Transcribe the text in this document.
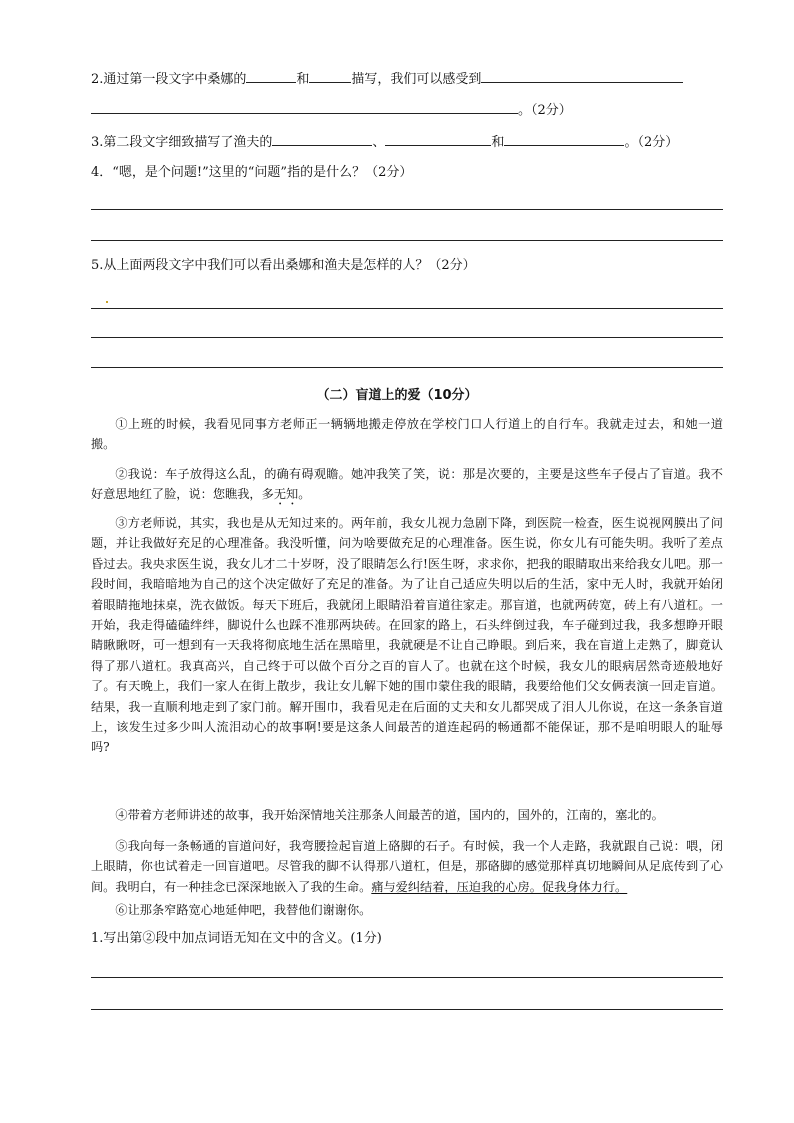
2.通过第一段文字中桑娜的	和	描写，我们可以感受到
。（2分）
3.第二段文字细致描写了渔夫的	、	和	。（2分）
4．“嗯，是个问题!”这里的“问题”指的是什么？（2分）
5.从上面两段文字中我们可以看出桑娜和渔夫是怎样的人？（2分）
（二）盲道上的爱（10分）
①上班的时候，我看见同事方老师正一辆辆地搬走停放在学校门口人行道上的自行车。我就走过去，和她一道搬。
②我说：车子放得这么乱，的确有碍观瞻。她冲我笑了笑，说：那是次要的，主要是这些车子侵占了盲道。我不好意思地红了脸，说：您瞧我，多无知。
③方老师说，其实，我也是从无知过来的。两年前，我女儿视力急剧下降，到医院一检查，医生说视网膜出了问题，并让我做好充足的心理准备。我没听懂，问为啥要做充足的心理准备。医生说，你女儿有可能失明。我听了差点昏过去。我央求医生说，我女儿才二十岁呀，没了眼睛怎么行!医生呀，求求你，把我的眼睛取出来给我女儿吧。那一段时间，我暗暗地为自己的这个决定做好了充足的准备。为了让自己适应失明以后的生活，家中无人时，我就开始闭着眼睛拖地抹桌，洗衣做饭。每天下班后，我就闭上眼睛沿着盲道往家走。那盲道，也就两砖宽，砖上有八道杠。一开始，我走得磕磕绊绊，脚说什么也踩不准那两块砖。在回家的路上，石头绊倒过我，车子碰到过我，我多想睁开眼睛瞅瞅呀，可一想到有一天我将彻底地生活在黑暗里，我就硬是不让自己睁眼。到后来，我在盲道上走熟了，脚竟认得了那八道杠。我真高兴，自己终于可以做个百分之百的盲人了。也就在这个时候，我女儿的眼病居然奇迹般地好了。有天晚上，我们一家人在街上散步，我让女儿解下她的围巾蒙住我的眼睛，我要给他们父女俩表演一回走盲道。结果，我一直顺利地走到了家门前。解开围巾，我看见走在后面的丈夫和女儿都哭成了泪人儿你说，在这一条条盲道上，该发生过多少叫人流泪动心的故事啊!要是这条人间最苦的道连起码的畅通都不能保证，那不是咱明眼人的耻辱吗?
④带着方老师讲述的故事，我开始深情地关注那条人间最苦的道，国内的，国外的，江南的，塞北的。
⑤我向每一条畅通的盲道问好，我弯腰捡起盲道上硌脚的石子。有时候，我一个人走路，我就跟自己说：喂，闭上眼睛，你也试着走一回盲道吧。尽管我的脚不认得那八道杠，但是，那硌脚的感觉那样真切地瞬间从足底传到了心间。我明白，有一种挂念已深深地嵌入了我的生命。痛与爱纠结着，压迫我的心房。促我身体力行。
⑥让那条窄路宽心地延伸吧，我替他们谢谢你。
1.写出第②段中加点词语无知在文中的含义。(1分)
